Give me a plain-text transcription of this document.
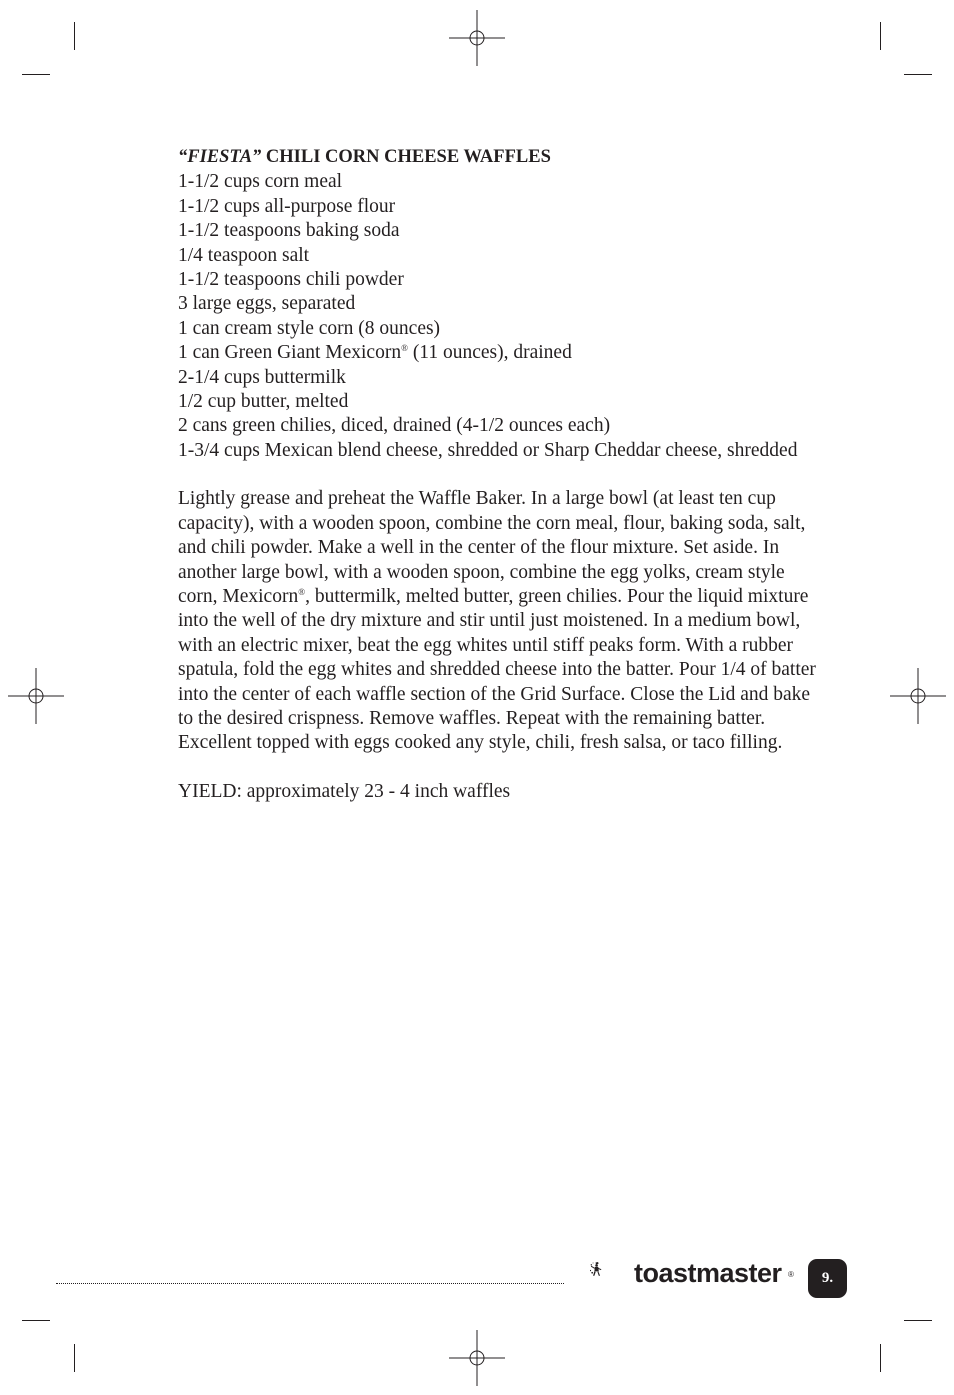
“FIESTA” CHILI CORN CHEESE WAFFLES

1-1/2 cups corn meal

1-1/2 cups all-purpose flour

1-1/2 teaspoons baking soda

1/4 teaspoon salt

1-1/2 teaspoons chili powder

3 large eggs, separated

1 can cream style corn (8 ounces)

1 can Green Giant Mexicorn® (11 ounces), drained

2-1/4 cups buttermilk

1/2 cup butter, melted

2 cans green chilies, diced, drained (4-1/2 ounces each)

1-3/4 cups Mexican blend cheese, shredded or Sharp Cheddar cheese, shredded

Lightly grease and preheat the Waffle Baker. In a large bowl (at least ten cup capacity), with a wooden spoon, combine the corn meal, flour, baking soda, salt, and chili powder. Make a well in the center of the flour mixture. Set aside. In another large bowl, with a wooden spoon, combine the egg yolks, cream style corn, Mexicorn®, buttermilk, melted butter, green chilies. Pour the liquid mixture into the well of the dry mixture and stir until just moistened. In a medium bowl, with an electric mixer, beat the egg whites until stiff peaks form. With a rubber spatula, fold the egg whites and shredded cheese into the batter. Pour 1/4 of batter into the center of each waffle section of the Grid Surface. Close the Lid and bake to the desired crispness. Remove waffles. Repeat with the remaining batter. Excellent topped with eggs cooked any style, chili, fresh salsa, or taco filling.

YIELD: approximately 23 - 4 inch waffles

toastmaster ®	9.
